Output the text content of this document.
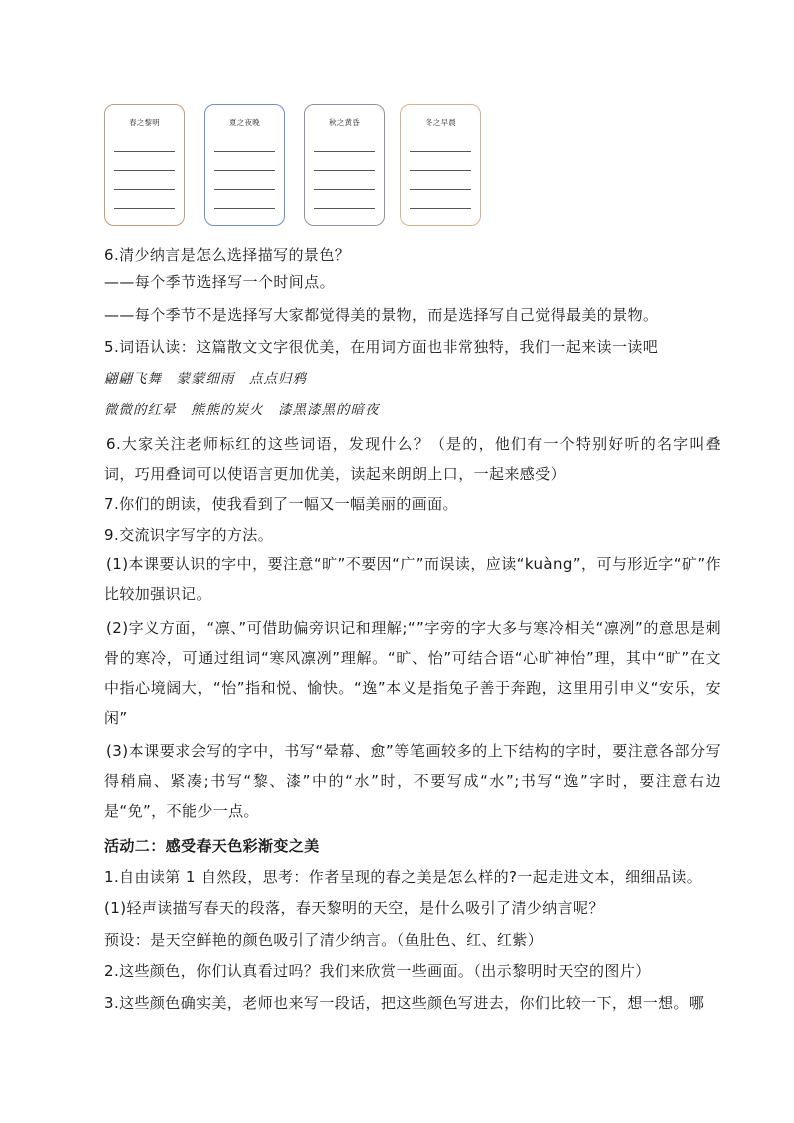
春之黎明	夏之夜晚	秋之黄昏	冬之早晨

6.清少纳言是怎么选择描写的景色？

——每个季节选择写一个时间点。

——每个季节不是选择写大家都觉得美的景物，而是选择写自己觉得最美的景物。

5.词语认读：这篇散文文字很优美，在用词方面也非常独特，我们一起来读一读吧

翩翩飞舞　蒙蒙细雨　点点归鸦

微微的红晕　熊熊的炭火　漆黑漆黑的暗夜

6.大家关注老师标红的这些词语，发现什么？（是的，他们有一个特别好听的名字叫叠词，巧用叠词可以使语言更加优美，读起来朗朗上口，一起来感受）

7.你们的朗读，使我看到了一幅又一幅美丽的画面。

9.交流识字写字的方法。

(1)本课要认识的字中，要注意“旷”不要因“广”而误读，应读“kuàng”，可与形近字“矿”作比较加强识记。

(2)字义方面，“凛、”可借助偏旁识记和理解;“”字旁的字大多与寒冷相关“凛冽”的意思是刺骨的寒冷，可通过组词“寒风凛冽”理解。“旷、怡”可结合语“心旷神怡”理，其中“旷”在文中指心境阔大，“怡”指和悦、愉快。“逸”本义是指兔子善于奔跑，这里用引申义“安乐，安闲”

(3)本课要求会写的字中，书写“晕幕、愈”等笔画较多的上下结构的字时，要注意各部分写得稍扁、紧凑;书写“黎、漆”中的“水”时，不要写成“水”;书写“逸”字时，要注意右边是“免”，不能少一点。

活动二：感受春天色彩渐变之美

1.自由读第 1 自然段，思考：作者呈现的春之美是怎么样的?一起走进文本，细细品读。

(1)轻声读描写春天的段落，春天黎明的天空，是什么吸引了清少纳言呢？

预设：是天空鲜艳的颜色吸引了清少纳言。（鱼肚色、红、红紫）

2.这些颜色，你们认真看过吗？我们来欣赏一些画面。（出示黎明时天空的图片）

3.这些颜色确实美，老师也来写一段话，把这些颜色写进去，你们比较一下，想一想。哪
